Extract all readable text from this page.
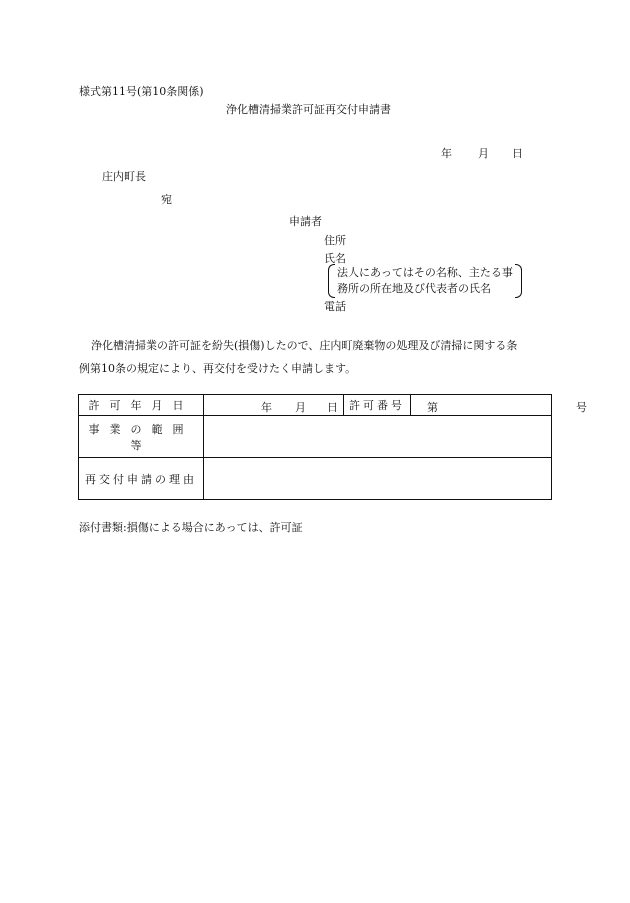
様式第11号(第10条関係)
浄化槽清掃業許可証再交付申請書
年 月 日
庄内町長
宛
申請者
住所
氏名
法人にあってはその名称、主たる事
務所の所在地及び代表者の氏名
電話
浄化槽清掃業の許可証を紛失(損傷)したので、庄内町廃棄物の処理及び清掃に関する条
例第10条の規定により、再交付を受けたく申請します。
許可年月日	年 月 日	許可番号	第 号

事業の範囲等			
再交付申請の理由			
添付書類:損傷による場合にあっては、許可証
